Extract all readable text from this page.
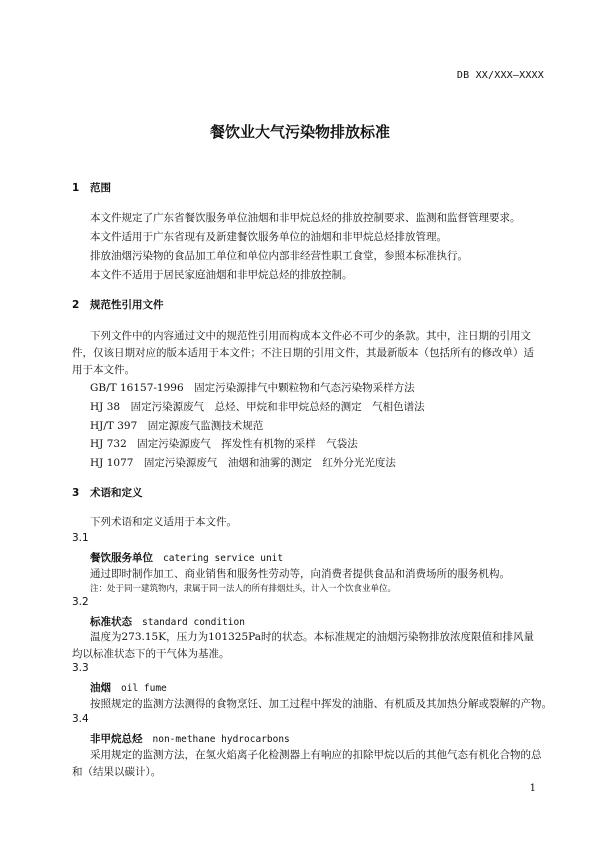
DB XX/XXX—XXXX
餐饮业大气污染物排放标准
1 范围
本文件规定了广东省餐饮服务单位油烟和非甲烷总烃的排放控制要求、监测和监督管理要求。
本文件适用于广东省现有及新建餐饮服务单位的油烟和非甲烷总烃排放管理。
排放油烟污染物的食品加工单位和单位内部非经营性职工食堂，参照本标准执行。
本文件不适用于居民家庭油烟和非甲烷总烃的排放控制。
2 规范性引用文件
下列文件中的内容通过文中的规范性引用而构成本文件必不可少的条款。其中，注日期的引用文件，仅该日期对应的版本适用于本文件；不注日期的引用文件，其最新版本（包括所有的修改单）适用于本文件。
GB/T 16157-1996　固定污染源排气中颗粒物和气态污染物采样方法
HJ 38　固定污染源废气　总烃、甲烷和非甲烷总烃的测定　气相色谱法
HJ/T 397　固定源废气监测技术规范
HJ 732　固定污染源废气　挥发性有机物的采样　气袋法
HJ 1077　固定污染源废气　油烟和油雾的测定　红外分光光度法
3 术语和定义
下列术语和定义适用于本文件。
3.1
餐饮服务单位 catering service unit
通过即时制作加工、商业销售和服务性劳动等，向消费者提供食品和消费场所的服务机构。
注：处于同一建筑物内，隶属于同一法人的所有排烟灶头，计入一个饮食业单位。
3.2
标准状态 standard condition
温度为273.15K，压力为101325Pa时的状态。本标准规定的油烟污染物排放浓度限值和排风量均以标准状态下的干气体为基准。
3.3
油烟 oil fume
按照规定的监测方法测得的食物烹饪、加工过程中挥发的油脂、有机质及其加热分解或裂解的产物。
3.4
非甲烷总烃 non-methane hydrocarbons
采用规定的监测方法，在氢火焰离子化检测器上有响应的扣除甲烷以后的其他气态有机化合物的总和（结果以碳计）。
1
